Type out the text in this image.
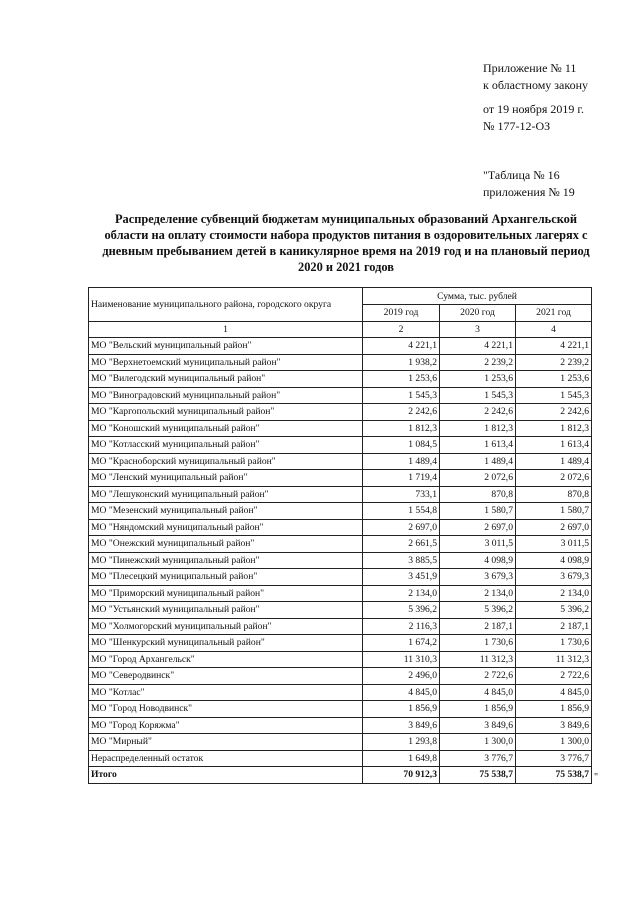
Приложение № 11
к областному закону
от 19 ноября 2019 г.
№ 177-12-ОЗ
"Таблица № 16
приложения № 19
Распределение субвенций бюджетам муниципальных образований Архангельской области на оплату стоимости набора продуктов питания в оздоровительных лагерях с дневным пребыванием детей в каникулярное время на 2019 год и на плановый период 2020 и 2021 годов
Наименование муниципального района, городского округа	Сумма, тыс. рублей		
	2019 год	2020 год	2021 год
1	2	3	4
МО "Вельский муниципальный район"	4 221,1	4 221,1	4 221,1
МО "Верхнетоемский муниципальный район"	1 938,2	2 239,2	2 239,2
МО "Вилегодский муниципальный район"	1 253,6	1 253,6	1 253,6
МО "Виноградовский муниципальный район"	1 545,3	1 545,3	1 545,3
МО "Каргопольский муниципальный район"	2 242,6	2 242,6	2 242,6
МО "Коношский муниципальный район"	1 812,3	1 812,3	1 812,3
МО "Котласский муниципальный район"	1 084,5	1 613,4	1 613,4
МО "Красноборский муниципальный район"	1 489,4	1 489,4	1 489,4
МО "Ленский муниципальный район"	1 719,4	2 072,6	2 072,6
МО "Лешуконский муниципальный район"	733,1	870,8	870,8
МО "Мезенский муниципальный район"	1 554,8	1 580,7	1 580,7
МО "Няндомский муниципальный район"	2 697,0	2 697,0	2 697,0
МО "Онежский муниципальный район"	2 661,5	3 011,5	3 011,5
МО "Пинежский муниципальный район"	3 885,5	4 098,9	4 098,9
МО "Плесецкий муниципальный район"	3 451,9	3 679,3	3 679,3
МО "Приморский муниципальный район"	2 134,0	2 134,0	2 134,0
МО "Устьянский муниципальный район"	5 396,2	5 396,2	5 396,2
МО "Холмогорский муниципальный район"	2 116,3	2 187,1	2 187,1
МО "Шенкурский муниципальный район"	1 674,2	1 730,6	1 730,6
МО "Город Архангельск"	11 310,3	11 312,3	11 312,3
МО "Северодвинск"	2 496,0	2 722,6	2 722,6
МО "Котлас"	4 845,0	4 845,0	4 845,0
МО "Город Новодвинск"	1 856,9	1 856,9	1 856,9
МО "Город Коряжма"	3 849,6	3 849,6	3 849,6
МО "Мирный"	1 293,8	1 300,0	1 300,0
Нераспределенный остаток	1 649,8	3 776,7	3 776,7
Итого	70 912,3	75 538,7	75 538,7 "
